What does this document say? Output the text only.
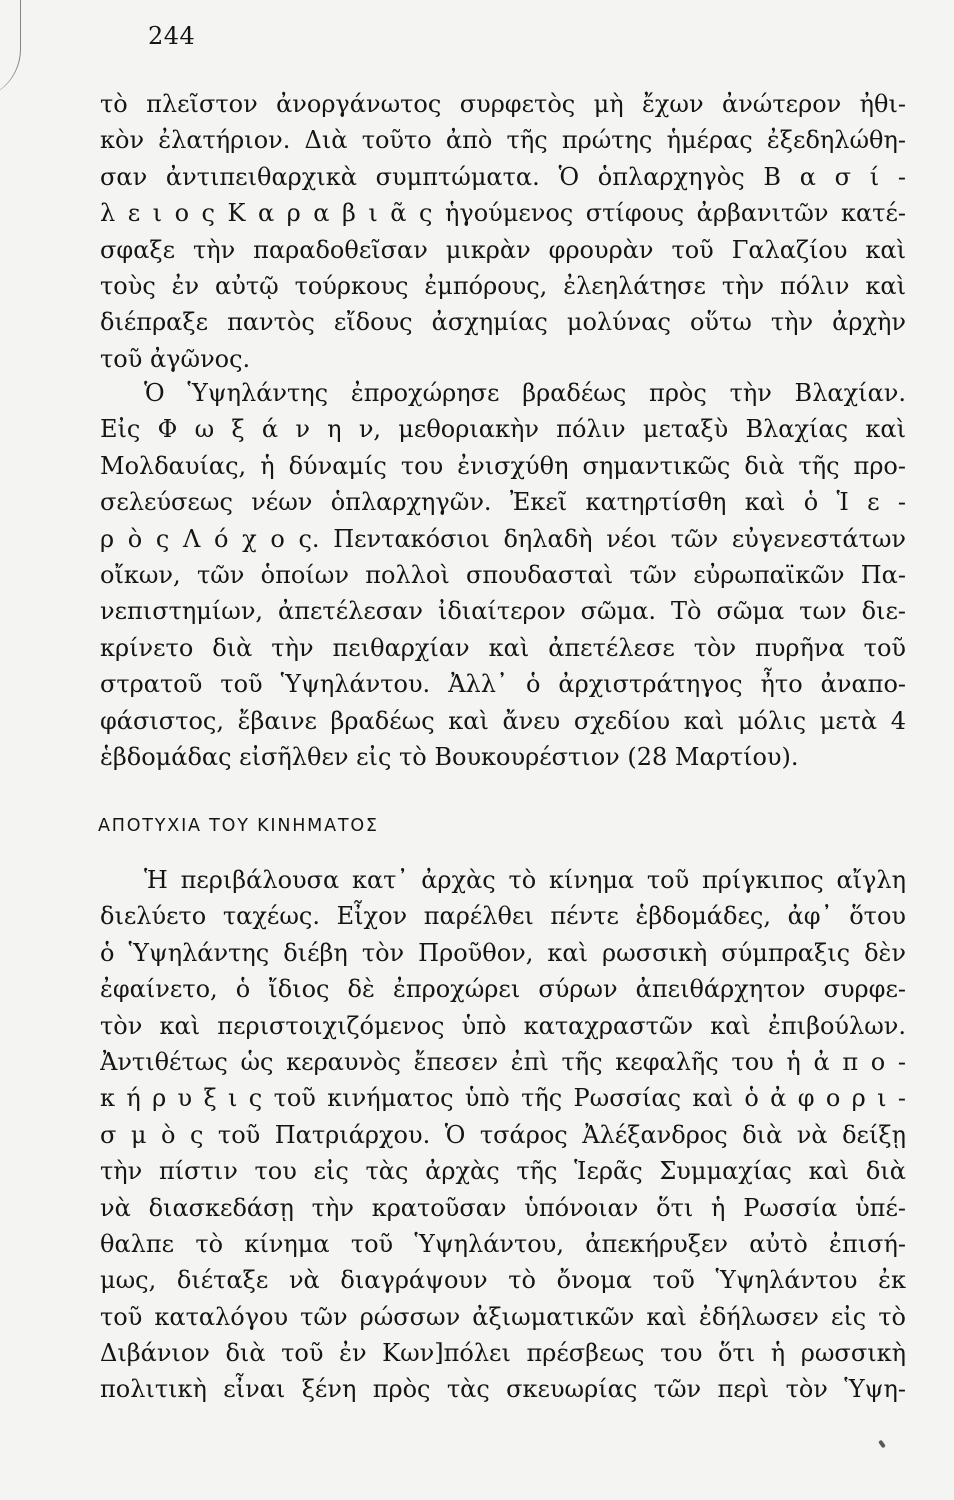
244
τὸ πλεῖστον ἀνοργάνωτος συρφετὸς μὴ ἔχων ἀνώτερον ἠθι-
κὸν ἐλατήριον. Διὰ τοῦτο ἀπὸ τῆς πρώτης ἡμέρας ἐξεδηλώθη-
σαν ἀντιπειθαρχικὰ συμπτώματα. Ὁ ὁπλαρχηγὸς Β α σ ί -
λ ε ι ο ς Κ α ρ α β ι ᾶ ς ἡγούμενος στίφους ἀρβανιτῶν κατέ-
σφαξε τὴν παραδοθεῖσαν μικρὰν φρουρὰν τοῦ Γαλαζίου καὶ
τοὺς ἐν αὐτῷ τούρκους ἐμπόρους, ἐλεηλάτησε τὴν πόλιν καὶ
διέπραξε παντὸς εἴδους ἀσχημίας μολύνας οὕτω τὴν ἀρχὴν
τοῦ ἀγῶνος.
Ὁ Ὑψηλάντης ἐπροχώρησε βραδέως πρὸς τὴν Βλαχίαν.
Εἰς Φ ω ξ ά ν η ν, μεθοριακὴν πόλιν μεταξὺ Βλαχίας καὶ
Μολδαυίας, ἡ δύναμίς του ἐνισχύθη σημαντικῶς διὰ τῆς προ-
σελεύσεως νέων ὁπλαρχηγῶν. Ἐκεῖ κατηρτίσθη καὶ ὁ Ἱ ε -
ρ ὸ ς Λ ό χ ο ς. Πεντακόσιοι δηλαδὴ νέοι τῶν εὐγενεστάτων
οἴκων, τῶν ὁποίων πολλοὶ σπουδασταὶ τῶν εὐρωπαϊκῶν Πα-
νεπιστημίων, ἀπετέλεσαν ἰδιαίτερον σῶμα. Τὸ σῶμα των διε-
κρίνετο διὰ τὴν πειθαρχίαν καὶ ἀπετέλεσε τὸν πυρῆνα τοῦ
στρατοῦ τοῦ Ὑψηλάντου. Ἀλλ᾽ ὁ ἀρχιστράτηγος ἦτο ἀναπο-
φάσιστος, ἔβαινε βραδέως καὶ ἄνευ σχεδίου καὶ μόλις μετὰ 4
ἑβδομάδας εἰσῆλθεν εἰς τὸ Βουκουρέστιον (28 Μαρτίου).
ΑΠΟΤΥΧΙΑ ΤΟΥ ΚΙΝΗΜΑΤΟΣ
Ἡ περιβάλουσα κατ᾽ ἀρχὰς τὸ κίνημα τοῦ πρίγκιπος αἴγλη
διελύετο ταχέως. Εἶχον παρέλθει πέντε ἑβδομάδες, ἀφ᾽ ὅτου
ὁ Ὑψηλάντης διέβη τὸν Προῦθον, καὶ ρωσσικὴ σύμπραξις δὲν
ἐφαίνετο, ὁ ἴδιος δὲ ἐπροχώρει σύρων ἀπειθάρχητον συρφε-
τὸν καὶ περιστοιχιζόμενος ὑπὸ καταχραστῶν καὶ ἐπιβούλων.
Ἀντιθέτως ὡς κεραυνὸς ἔπεσεν ἐπὶ τῆς κεφαλῆς του ἡ ἀ π ο -
κ ή ρ υ ξ ι ς τοῦ κινήματος ὑπὸ τῆς Ρωσσίας καὶ ὁ ἀ φ ο ρ ι -
σ μ ὸ ς τοῦ Πατριάρχου. Ὁ τσάρος Ἀλέξανδρος διὰ νὰ δείξῃ
τὴν πίστιν του εἰς τὰς ἀρχὰς τῆς Ἱερᾶς Συμμαχίας καὶ διὰ
νὰ διασκεδάσῃ τὴν κρατοῦσαν ὑπόνοιαν ὅτι ἡ Ρωσσία ὑπέ-
θαλπε τὸ κίνημα τοῦ Ὑψηλάντου, ἀπεκήρυξεν αὐτὸ ἐπισή-
μως, διέταξε νὰ διαγράψουν τὸ ὄνομα τοῦ Ὑψηλάντου ἐκ
τοῦ καταλόγου τῶν ρώσσων ἀξιωματικῶν καὶ ἐδήλωσεν εἰς τὸ
Διβάνιον διὰ τοῦ ἐν Κων]πόλει πρέσβεως του ὅτι ἡ ρωσσικὴ
πολιτικὴ εἶναι ξένη πρὸς τὰς σκευωρίας τῶν περὶ τὸν Ὑψη-
